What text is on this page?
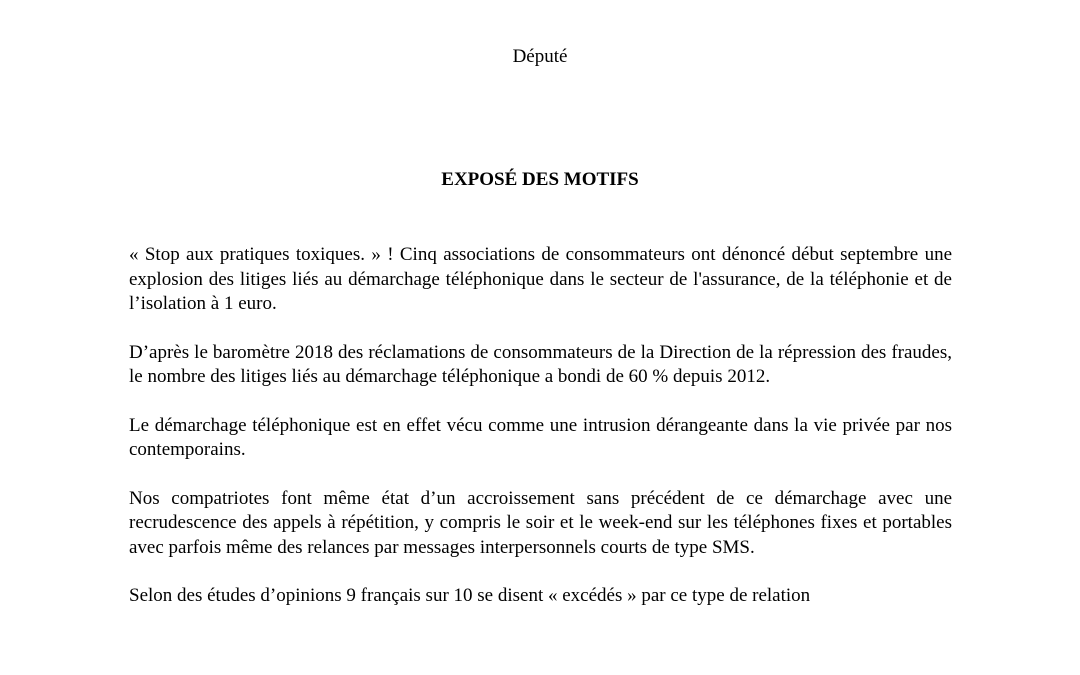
Député
EXPOSÉ DES MOTIFS

« Stop aux pratiques toxiques. » ! Cinq associations de consommateurs ont dénoncé début septembre une explosion des litiges liés au démarchage téléphonique dans le secteur de l'assurance, de la téléphonie et de l’isolation à 1 euro.

D’après le baromètre 2018 des réclamations de consommateurs de la Direction de la répression des fraudes, le nombre des litiges liés au démarchage téléphonique a bondi de 60 % depuis 2012.

Le démarchage téléphonique est en effet vécu comme une intrusion dérangeante dans la vie privée par nos contemporains.

Nos compatriotes font même état d’un accroissement sans précédent de ce démarchage avec une recrudescence des appels à répétition, y compris le soir et le week-end sur les téléphones fixes et portables avec parfois même des relances par messages interpersonnels courts de type SMS.

Selon des études d’opinions 9 français sur 10 se disent « excédés » par ce type de relation
